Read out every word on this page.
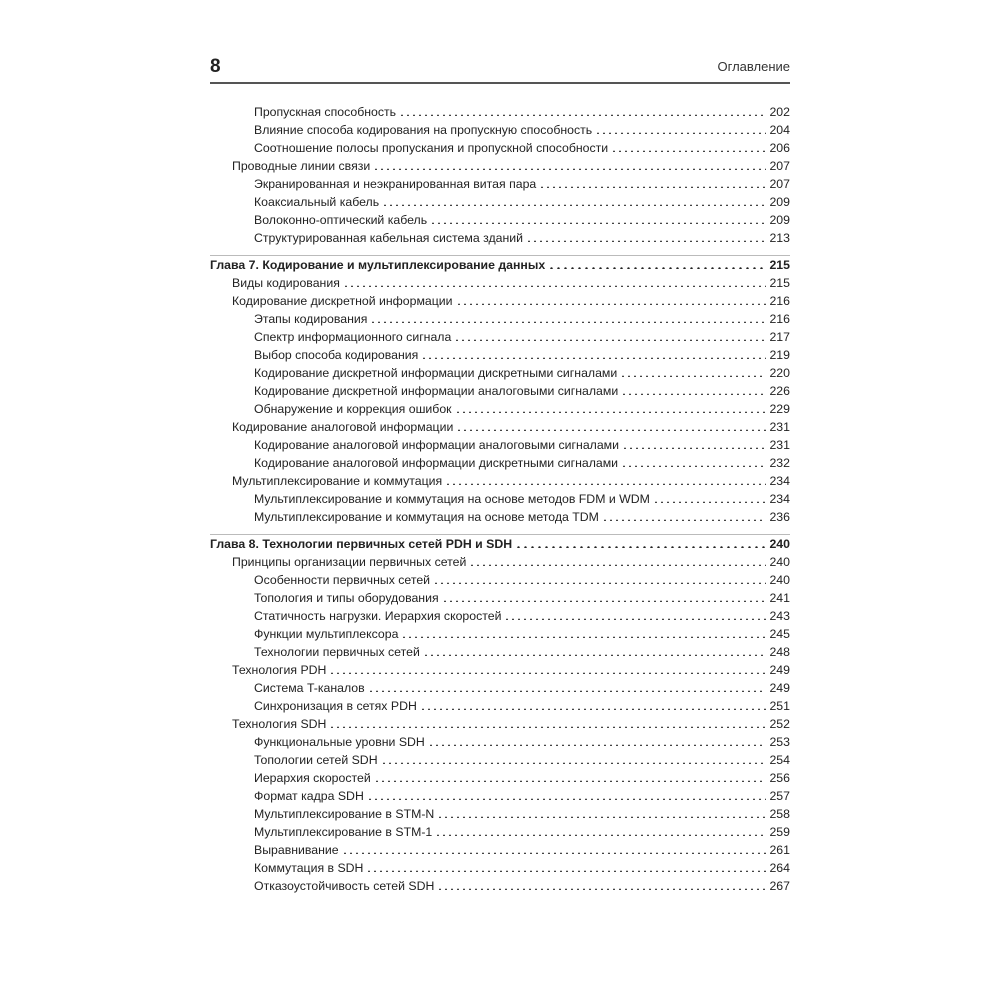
8	Оглавление
Пропускная способность	202
Влияние способа кодирования на пропускную способность	204
Соотношение полосы пропускания и пропускной способности	206
Проводные линии связи	207
Экранированная и неэкранированная витая пара	207
Коаксиальный кабель	209
Волоконно-оптический кабель	209
Структурированная кабельная система зданий	213
Глава 7. Кодирование и мультиплексирование данных	215
Виды кодирования	215
Кодирование дискретной информации	216
Этапы кодирования	216
Спектр информационного сигнала	217
Выбор способа кодирования	219
Кодирование дискретной информации дискретными сигналами	220
Кодирование дискретной информации аналоговыми сигналами	226
Обнаружение и коррекция ошибок	229
Кодирование аналоговой информации	231
Кодирование аналоговой информации аналоговыми сигналами	231
Кодирование аналоговой информации дискретными сигналами	232
Мультиплексирование и коммутация	234
Мультиплексирование и коммутация на основе методов FDM и WDM	234
Мультиплексирование и коммутация на основе метода TDM	236
Глава 8. Технологии первичных сетей PDH и SDH	240
Принципы организации первичных сетей	240
Особенности первичных сетей	240
Топология и типы оборудования	241
Статичность нагрузки. Иерархия скоростей	243
Функции мультиплексора	245
Технологии первичных сетей	248
Технология PDH	249
Система T-каналов	249
Синхронизация в сетях PDH	251
Технология SDH	252
Функциональные уровни SDH	253
Топологии сетей SDH	254
Иерархия скоростей	256
Формат кадра SDH	257
Мультиплексирование в STM-N	258
Мультиплексирование в STM-1	259
Выравнивание	261
Коммутация в SDH	264
Отказоустойчивость сетей SDH	267
